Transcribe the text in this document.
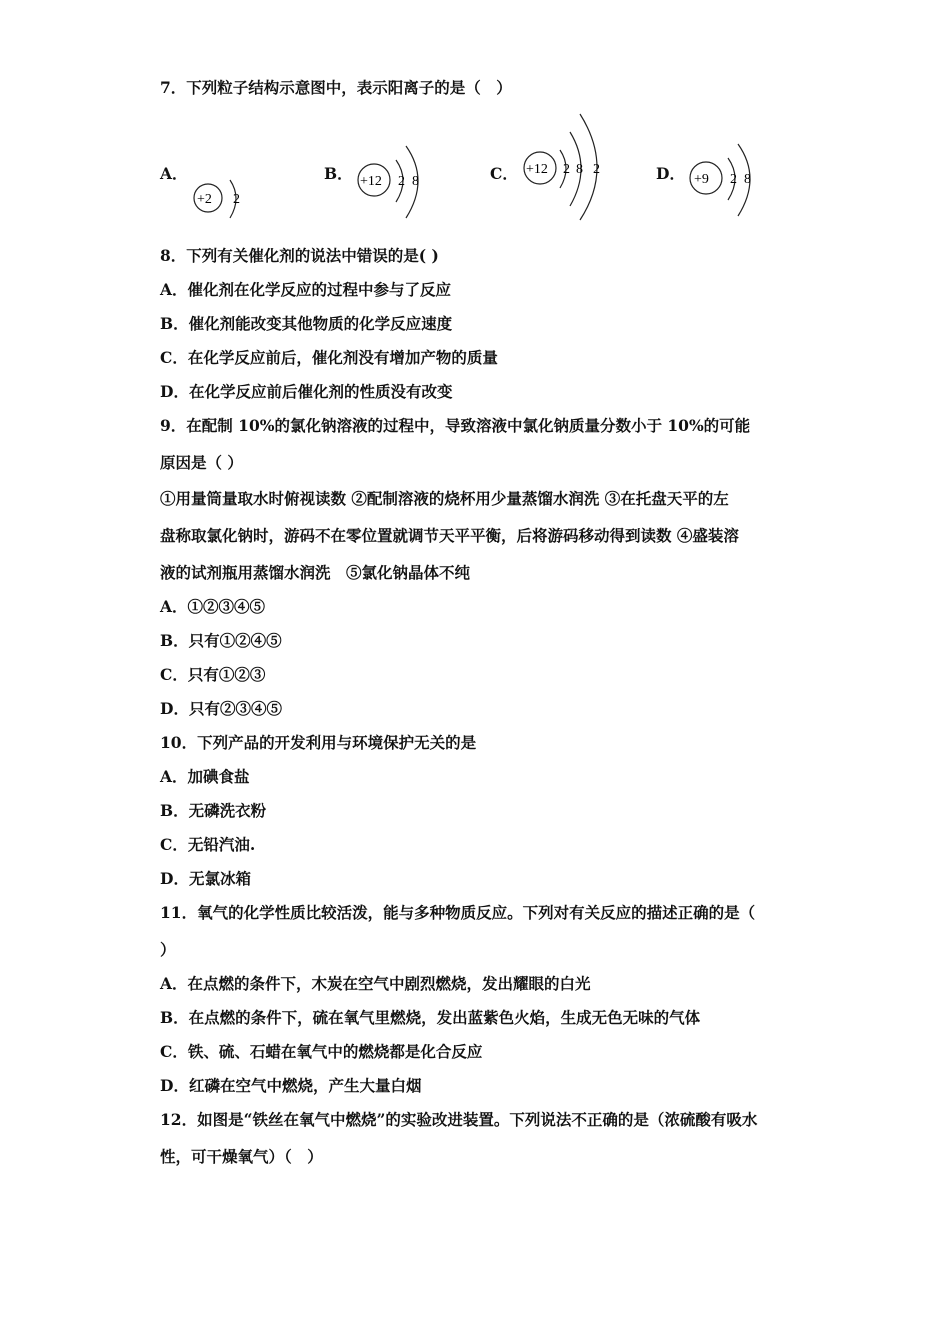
7．下列粒子结构示意图中，表示阳离子的是（　）
A．
+2 2
B． +12 2 8	C． +12 2 8 2	D． +9 2 8
8．下列有关催化剂的说法中错误的是( )
A．催化剂在化学反应的过程中参与了反应
B．催化剂能改变其他物质的化学反应速度
C．在化学反应前后，催化剂没有增加产物的质量
D．在化学反应前后催化剂的性质没有改变
9．在配制 10%的氯化钠溶液的过程中，导致溶液中氯化钠质量分数小于 10%的可能
原因是（ ）
①用量筒量取水时俯视读数 ②配制溶液的烧杯用少量蒸馏水润洗 ③在托盘天平的左
盘称取氯化钠时，游码不在零位置就调节天平平衡，后将游码移动得到读数 ④盛装溶
液的试剂瓶用蒸馏水润洗　⑤氯化钠晶体不纯
A．①②③④⑤
B．只有①②④⑤
C．只有①②③
D．只有②③④⑤
10．下列产品的开发利用与环境保护无关的是
A．加碘食盐
B．无磷洗衣粉
C．无铅汽油.
D．无氯冰箱
11．氧气的化学性质比较活泼，能与多种物质反应。下列对有关反应的描述正确的是（
）
A．在点燃的条件下，木炭在空气中剧烈燃烧，发出耀眼的白光
B．在点燃的条件下，硫在氧气里燃烧，发出蓝紫色火焰，生成无色无味的气体
C．铁、硫、石蜡在氧气中的燃烧都是化合反应
D．红磷在空气中燃烧，产生大量白烟
12．如图是“铁丝在氧气中燃烧”的实验改进装置。下列说法不正确的是（浓硫酸有吸水
性，可干燥氧气）（　）
